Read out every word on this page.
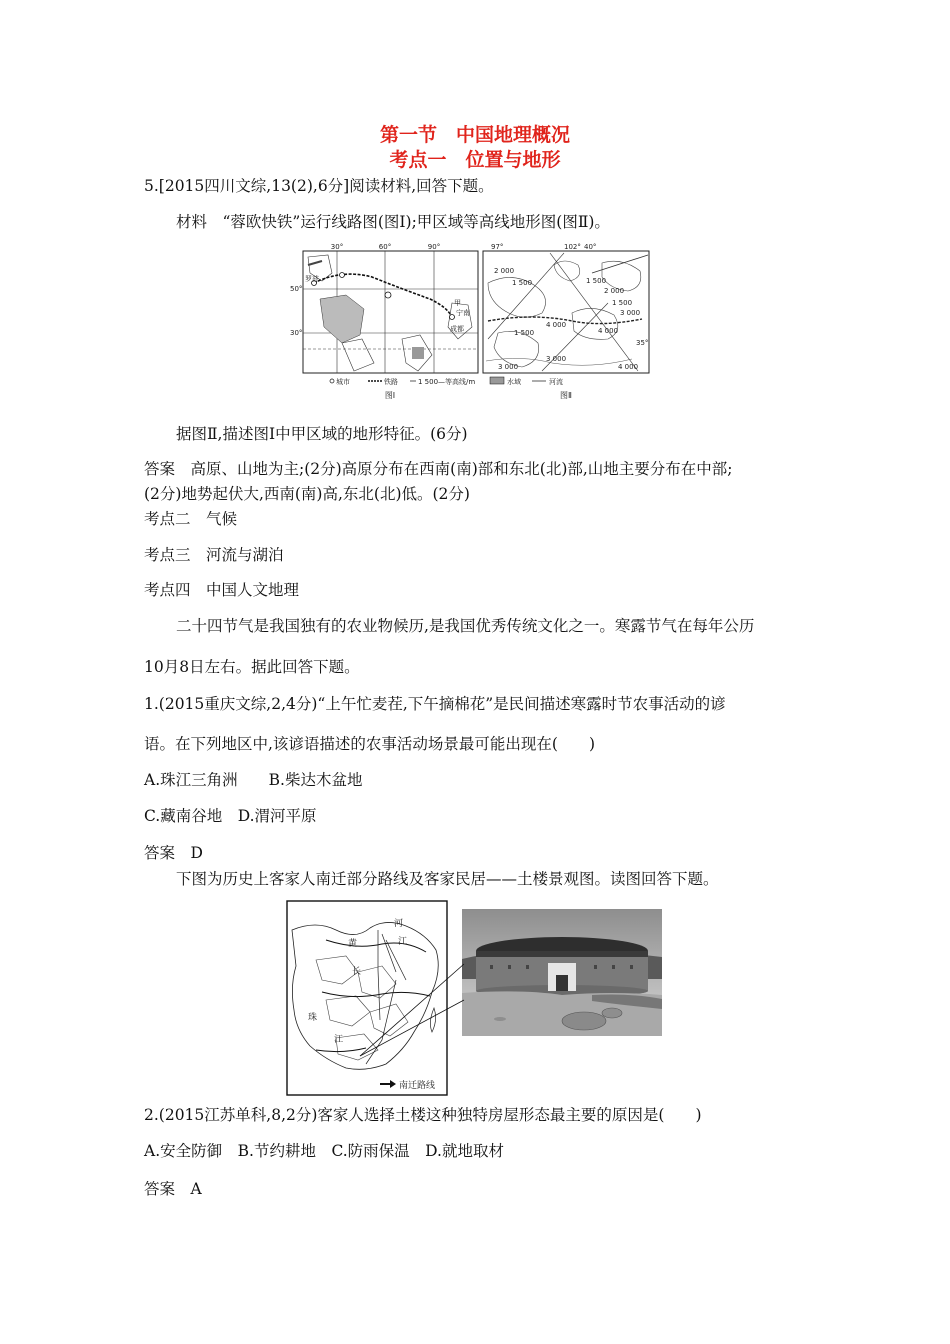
第一节　中国地理概况
考点一　位置与地形
5.[2015四川文综,13(2),6分]阅读材料,回答下题。
材料　“蓉欧快铁”运行线路图(图Ⅰ);甲区域等高线地形图(图Ⅱ)。
30°	60°	90°
50°
30°
罗兹
甲
宁南
成都
97°	102° 40°
35°
2 000
1 500	1 500
2 000
1 500
3 000
4 000
4 000
1 500
3 000
3 000	4 000
城市	铁路	1 500—等高线/m	水域	河流
图Ⅰ	图Ⅱ
据图Ⅱ,描述图Ⅰ中甲区域的地形特征。(6分)
答案　高原、山地为主;(2分)高原分布在西南(南)部和东北(北)部,山地主要分布在中部;
(2分)地势起伏大,西南(南)高,东北(北)低。(2分)
考点二　气候
考点三　河流与湖泊
考点四　中国人文地理
二十四节气是我国独有的农业物候历,是我国优秀传统文化之一。寒露节气在每年公历
10月8日左右。据此回答下题。
1.(2015重庆文综,2,4分)“上午忙麦茬,下午摘棉花”是民间描述寒露时节农事活动的谚
语。在下列地区中,该谚语描述的农事活动场景最可能出现在(　　)
A.珠江三角洲　　B.柴达木盆地
C.藏南谷地　D.渭河平原
答案　D
下图为历史上客家人南迁部分路线及客家民居——土楼景观图。读图回答下题。
河
黄	江
长
珠
江
南迁路线
2.(2015江苏单科,8,2分)客家人选择土楼这种独特房屋形态最主要的原因是(　　)
A.安全防御　B.节约耕地　C.防雨保温　D.就地取材
答案　A
